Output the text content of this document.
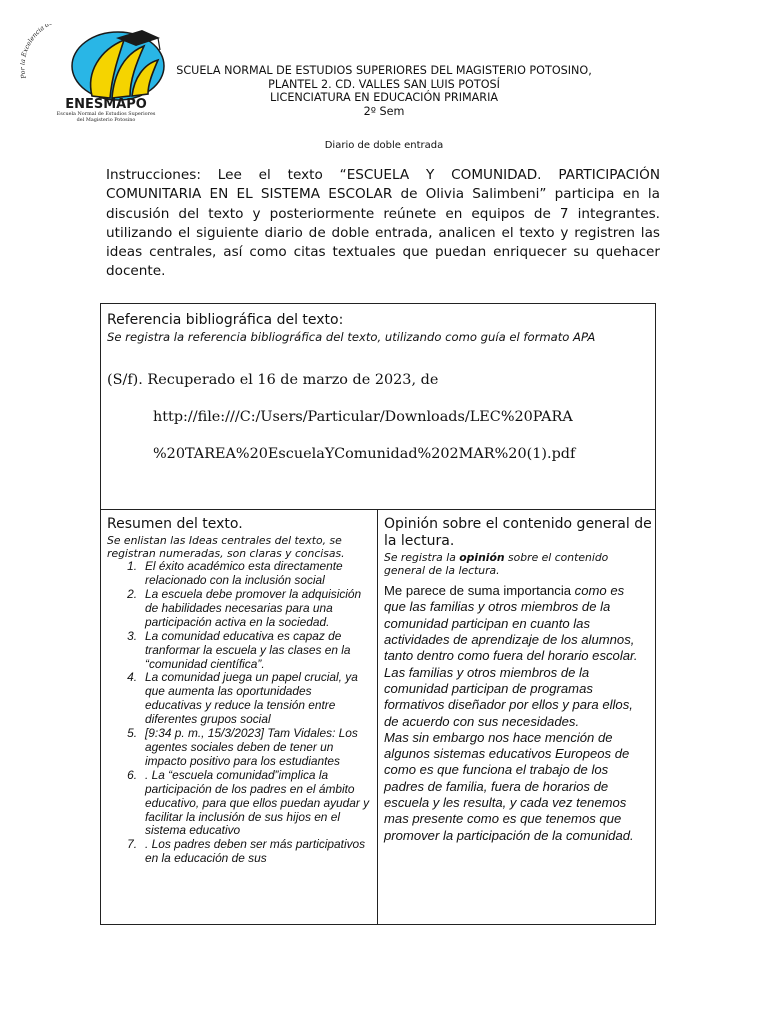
P Excelencia d
ENESMAPO
Escuela Normal de Estudios Superiores
del Magisterio Potosino
SCUELA NORMAL DE ESTUDIOS SUPERIORES DEL MAGISTERIO POTOSINO,
PLANTEL 2. CD. VALLES SAN LUIS POTOSÍ
LICENCIATURA EN EDUCACIÓN PRIMARIA
2º Sem
Diario de doble entrada

Instrucciones: Lee el texto “ESCUELA Y COMUNIDAD. PARTICIPACIÓN COMUNITARIA EN EL SISTEMA ESCOLAR de Olivia Salimbeni” participa en la discusión del texto y posteriormente reúnete en equipos de 7 integrantes. utilizando el siguiente diario de doble entrada, analicen el texto y registren las ideas centrales, así como citas textuales que puedan enriquecer su quehacer docente.

Referencia bibliográfica del texto:
Se registra la referencia bibliográfica del texto, utilizando como guía el formato APA
(S/f). Recuperado el 16 de marzo de 2023, de
http://file:///C:/Users/Particular/Downloads/LEC%20PARA
%20TAREA%20EscuelaYComunidad%202MAR%20(1).pdf
Resumen del texto.
Se enlistan las Ideas centrales del texto, se registran numeradas, son claras y concisas.
1. El éxito académico esta directamente relacionado con la inclusión social
2. La escuela debe promover la adquisición de habilidades necesarias para una participación activa en la sociedad.
3. La comunidad educativa es capaz de tranformar la escuela y las clases en la “comunidad científica”.
4. La comunidad juega un papel crucial, ya que aumenta las oportunidades educativas y reduce la tensión entre diferentes grupos social
5. [9:34 p. m., 15/3/2023] Tam Vidales: Los agentes sociales deben de tener un impacto positivo para los estudiantes
6. . La “escuela comunidad”implica la participación de los padres en el ámbito educativo, para que ellos puedan ayudar y facilitar la inclusión de sus hijos en el sistema educativo
7. . Los padres deben ser más participativos en la educación de sus
Opinión sobre el contenido general de la lectura.
Se registra la opinión sobre el contenido general de la lectura.
Me parece de suma importancia como es que las familias y otros miembros de la comunidad participan en cuanto las actividades de aprendizaje de los alumnos, tanto dentro como fuera del horario escolar. Las familias y otros miembros de la comunidad participan de programas formativos diseñador por ellos y para ellos, de acuerdo con sus necesidades.
Mas sin embargo nos hace mención de algunos sistemas educativos Europeos de como es que funciona el trabajo de los padres de familia, fuera de horarios de escuela y les resulta, y cada vez tenemos mas presente como es que tenemos que promover la participación de la comunidad.
